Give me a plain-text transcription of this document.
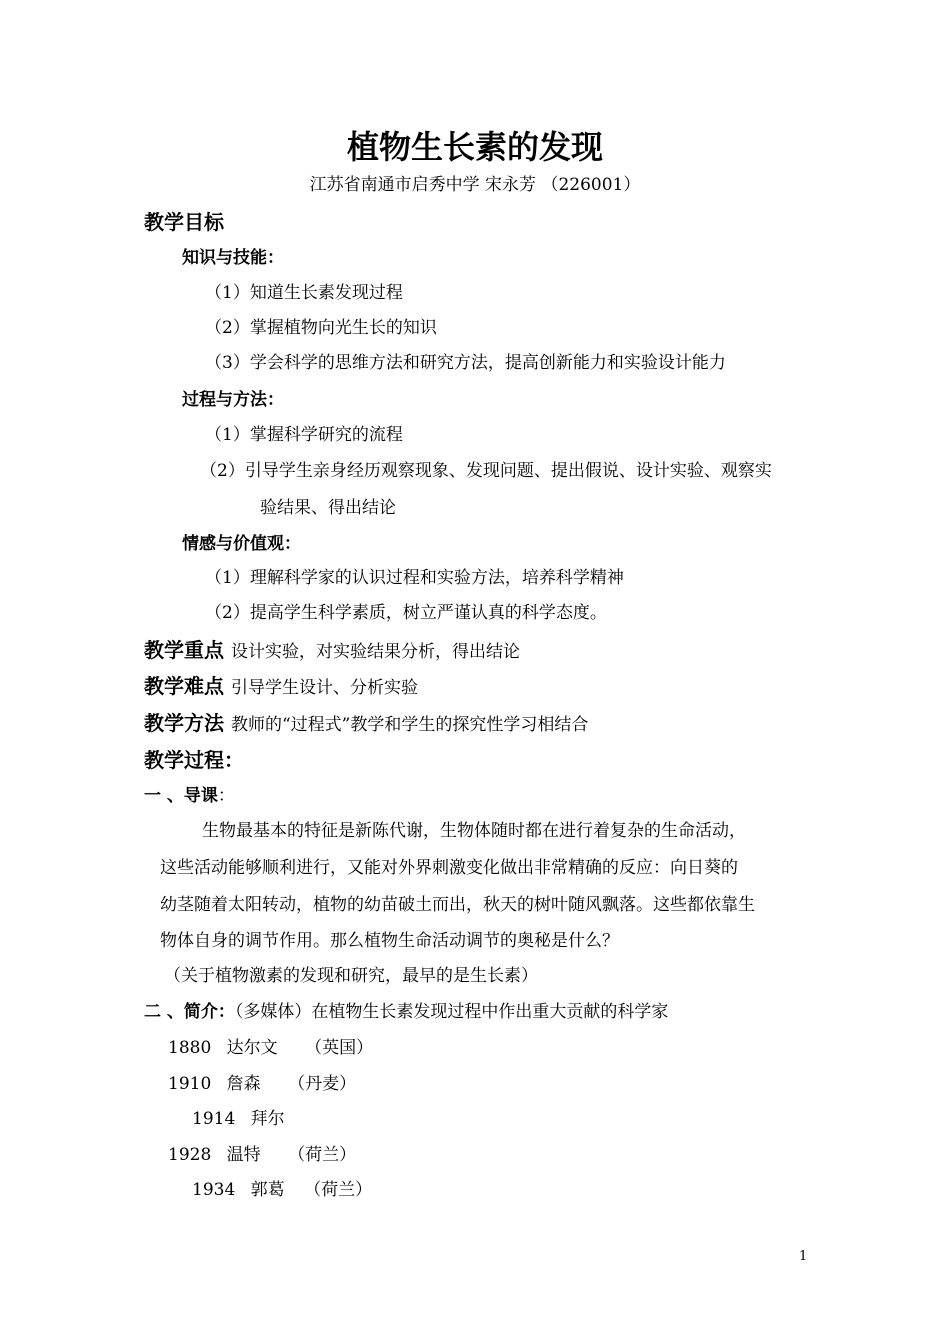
植物生长素的发现
江苏省南通市启秀中学 宋永芳 （226001）
教学目标
知识与技能：
（1）知道生长素发现过程
（2）掌握植物向光生长的知识
（3）学会科学的思维方法和研究方法，提高创新能力和实验设计能力
过程与方法：
（1）掌握科学研究的流程
（2）引导学生亲身经历观察现象、发现问题、提出假说、设计实验、观察实
验结果、得出结论
情感与价值观：
（1）理解科学家的认识过程和实验方法，培养科学精神
（2）提高学生科学素质，树立严谨认真的科学态度。
教学重点 设计实验，对实验结果分析，得出结论
教学难点 引导学生设计、分析实验
教学方法 教师的“过程式”教学和学生的探究性学习相结合
教学过程：
一 、导课：
生物最基本的特征是新陈代谢，生物体随时都在进行着复杂的生命活动，
这些活动能够顺利进行，又能对外界刺激变化做出非常精确的反应：向日葵的
幼茎随着太阳转动，植物的幼苗破土而出，秋天的树叶随风飘落。这些都依靠生
物体自身的调节作用。那么植物生命活动调节的奥秘是什么？
（关于植物激素的发现和研究，最早的是生长素）
二 、简介：（多媒体）在植物生长素发现过程中作出重大贡献的科学家
1880 达尔文 （英国）
1910 詹森 （丹麦）
1914 拜尔
1928 温特 （荷兰）
1934 郭葛 （荷兰）
1
